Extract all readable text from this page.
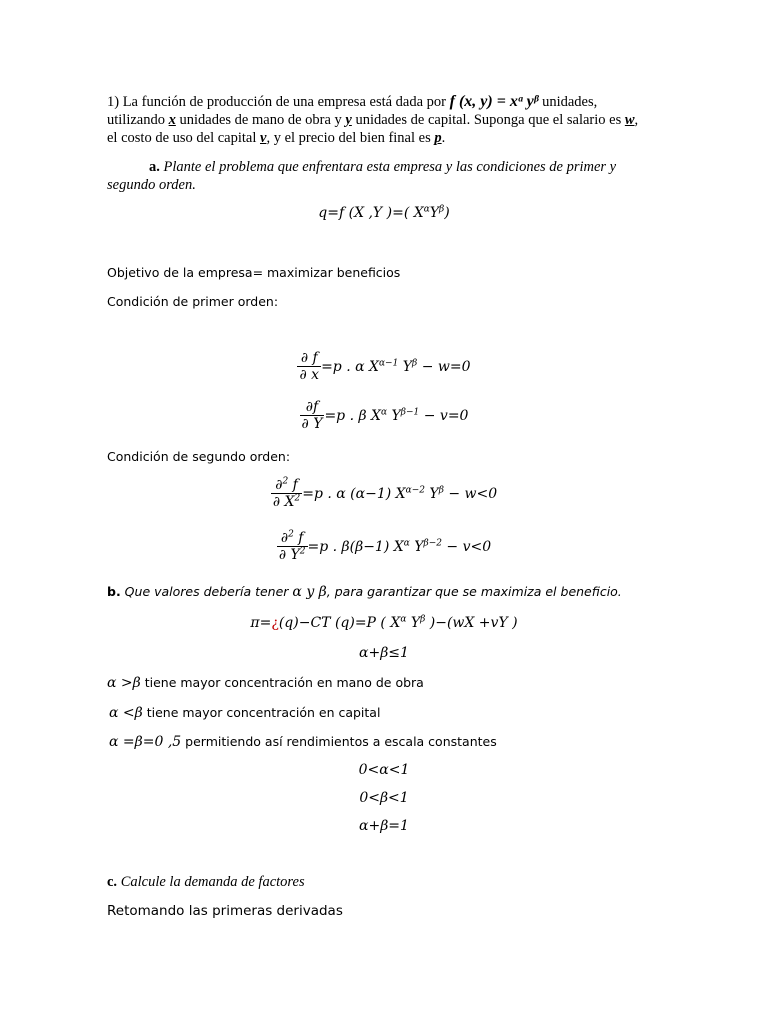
1) La función de producción de una empresa está dada por f (x, y) = xᵃ yᵝ unidades,
utilizando x unidades de mano de obra y y unidades de capital. Suponga que el salario es w,
el costo de uso del capital v, y el precio del bien final es p.
a. Plante el problema que enfrentara esta empresa y las condiciones de primer y
segundo orden.
q=f (X ,Y )=( $X^\alpha Y^\beta$)
Objetivo de la empresa= maximizar beneficios
Condición de primer orden:
$\frac{\partial f}{\partial x} =p$ . α $X^{\alpha-1}$ $Y^\beta - w=0$
$\frac{\partial f}{\partial Y} =p$ . β $X^\alpha$ $Y^{\beta-1} - v=0$
Condición de segundo orden:
$\frac{\partial^2 f}{\partial X^2} =p$ . α (α−1) $X^{\alpha-2}$ $Y^\beta - w<0$
$\frac{\partial^2 f}{\partial Y^2} =p$ . β(β−1) $X^\alpha$ $Y^{\beta-2} - v<0$
b. Que valores debería tener α y β, para garantizar que se maximiza el beneficio.
π=¿(q)−CT (q)=P ( $X^\alpha$ $Y^\beta$ )−(wX +vY )
α+β≤1
α >β tiene mayor concentración en mano de obra
α <β tiene mayor concentración en capital
α =β=0 ,5 permitiendo así rendimientos a escala constantes
0<α<1
0<β<1
α+β=1
c. Calcule la demanda de factores
Retomando las primeras derivadas
